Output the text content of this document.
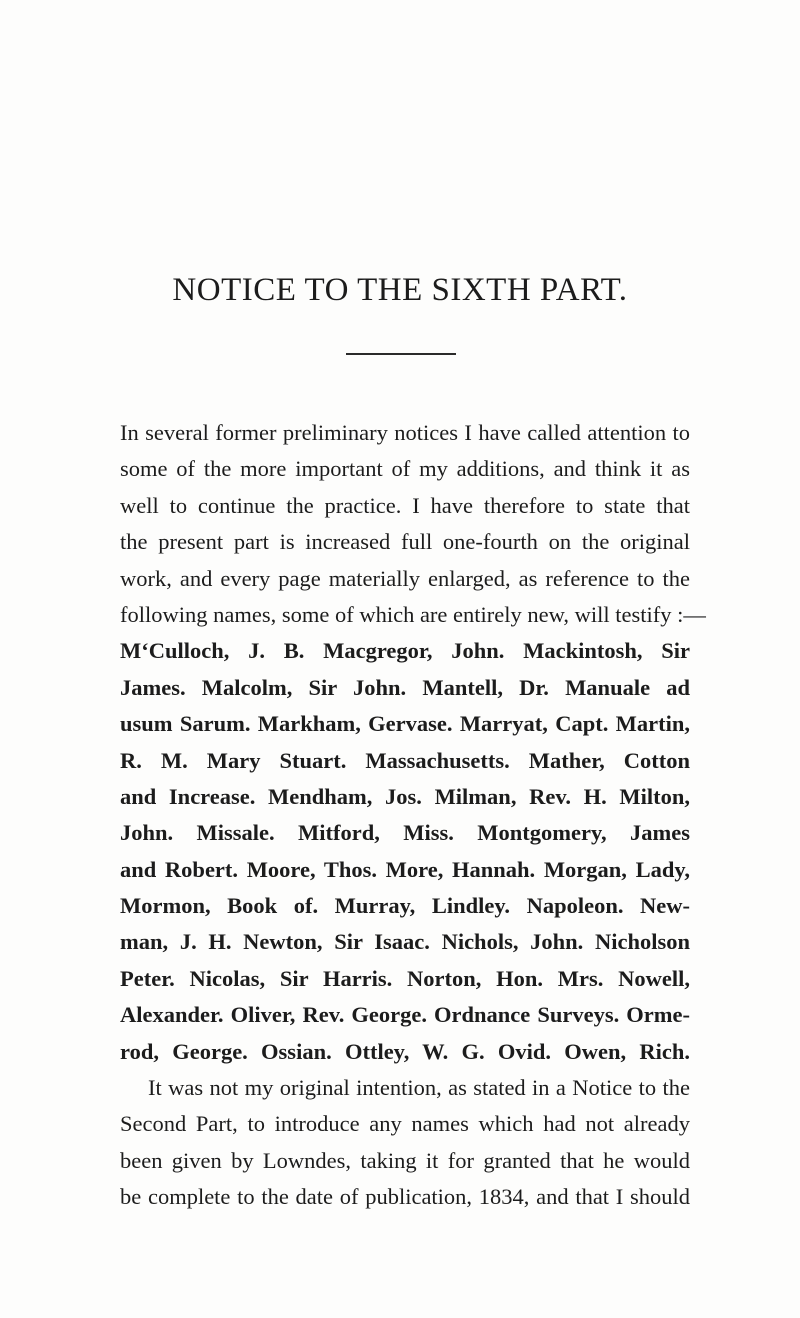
NOTICE TO THE SIXTH PART.
In several former preliminary notices I have called attention to
some of the more important of my additions, and think it as
well to continue the practice. I have therefore to state that
the present part is increased full one-fourth on the original
work, and every page materially enlarged, as reference to the
following names, some of which are entirely new, will testify :—
M‘Culloch, J. B. Macgregor, John. Mackintosh, Sir
James. Malcolm, Sir John. Mantell, Dr. Manuale ad
usum Sarum. Markham, Gervase. Marryat, Capt. Martin,
R. M. Mary Stuart. Massachusetts. Mather, Cotton
and Increase. Mendham, Jos. Milman, Rev. H. Milton,
John. Missale. Mitford, Miss. Montgomery, James
and Robert. Moore, Thos. More, Hannah. Morgan, Lady,
Mormon, Book of. Murray, Lindley. Napoleon. New-
man, J. H. Newton, Sir Isaac. Nichols, John. Nicholson
Peter. Nicolas, Sir Harris. Norton, Hon. Mrs. Nowell,
Alexander. Oliver, Rev. George. Ordnance Surveys. Orme-
rod, George. Ossian. Ottley, W. G. Ovid. Owen, Rich.
It was not my original intention, as stated in a Notice to the
Second Part, to introduce any names which had not already
been given by Lowndes, taking it for granted that he would
be complete to the date of publication, 1834, and that I should
